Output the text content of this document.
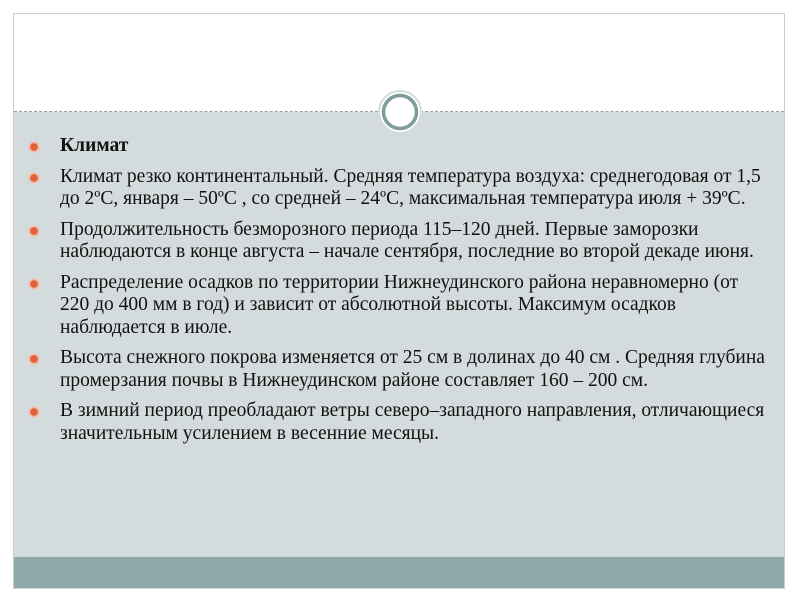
Климат
Климат резко континентальный. Средняя температура воздуха: среднегодовая от 1,5 до 2ºС, января – 50ºС , со средней – 24ºС, максимальная температура июля + 39ºС.
Продолжительность безморозного периода 115–120 дней. Первые заморозки наблюдаются в конце августа – начале сентября, последние во второй декаде июня.
Распределение осадков по территории Нижнеудинского района неравномерно (от 220 до 400 мм в год) и зависит от абсолютной высоты. Максимум осадков наблюдается в июле.
Высота снежного покрова изменяется от 25 см в долинах до 40 см . Средняя глубина промерзания почвы в Нижнеудинском районе составляет 160 – 200 см.
В зимний период преобладают ветры северо–западного направления, отличающиеся значительным усилением в весенние месяцы.
